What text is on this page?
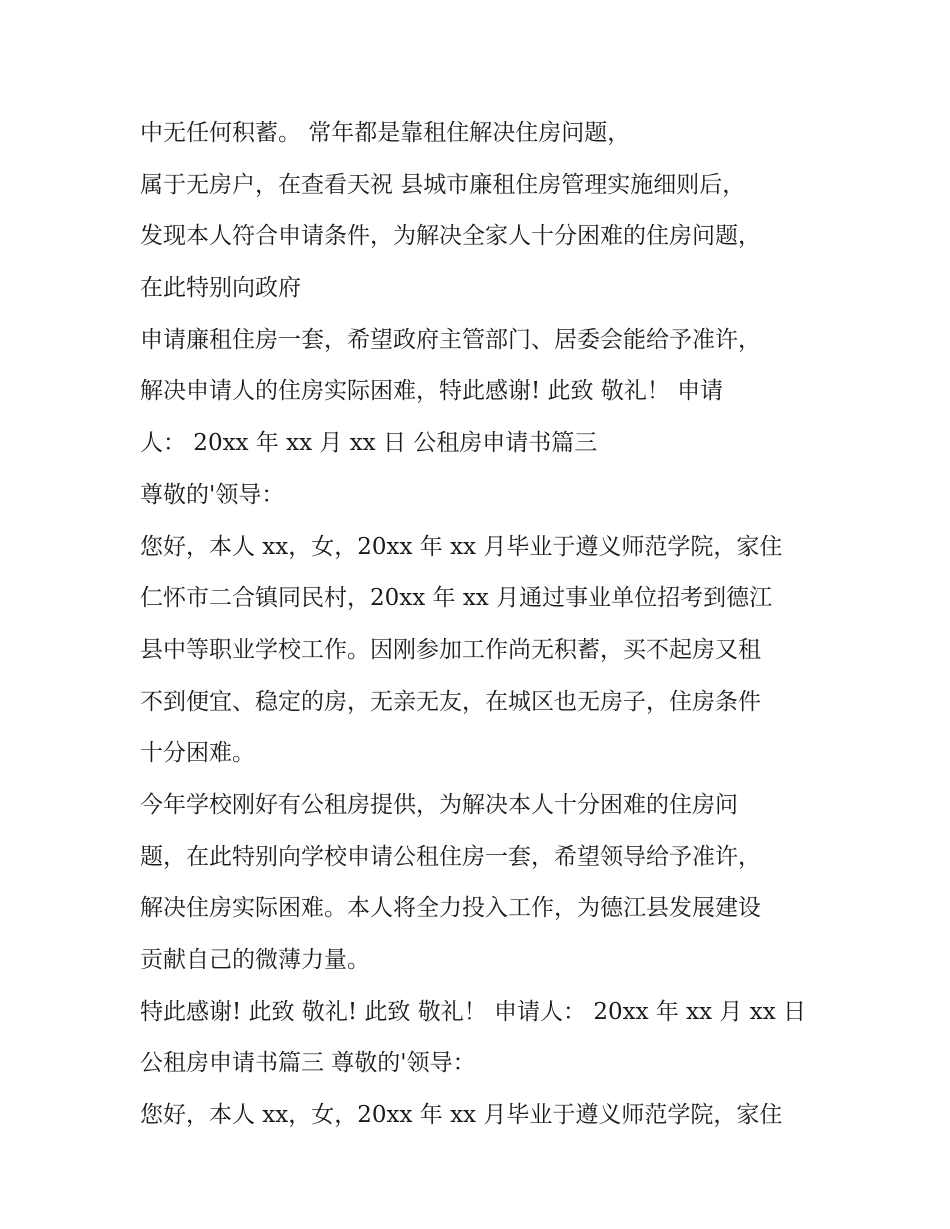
中无任何积蓄。 常年都是靠租住解决住房问题，
属于无房户，在查看天祝 县城市廉租住房管理实施细则后，
发现本人符合申请条件，为解决全家人十分困难的住房问题，
在此特别向政府
申请廉租住房一套，希望政府主管部门、居委会能给予准许，
解决申请人的住房实际困难，特此感谢! 此致 敬礼！ 申请
人： 20xx 年 xx 月 xx 日 公租房申请书篇三
尊敬的'领导：
您好，本人 xx，女，20xx 年 xx 月毕业于遵义师范学院，家住
仁怀市二合镇同民村，20xx 年 xx 月通过事业单位招考到德江
县中等职业学校工作。因刚参加工作尚无积蓄，买不起房又租
不到便宜、稳定的房，无亲无友，在城区也无房子，住房条件
十分困难。
今年学校刚好有公租房提供，为解决本人十分困难的住房问
题，在此特别向学校申请公租住房一套，希望领导给予准许，
解决住房实际困难。本人将全力投入工作，为德江县发展建设
贡献自己的微薄力量。
特此感谢! 此致 敬礼! 此致 敬礼！ 申请人： 20xx 年 xx 月 xx 日
公租房申请书篇三 尊敬的'领导：
您好，本人 xx，女，20xx 年 xx 月毕业于遵义师范学院，家住
